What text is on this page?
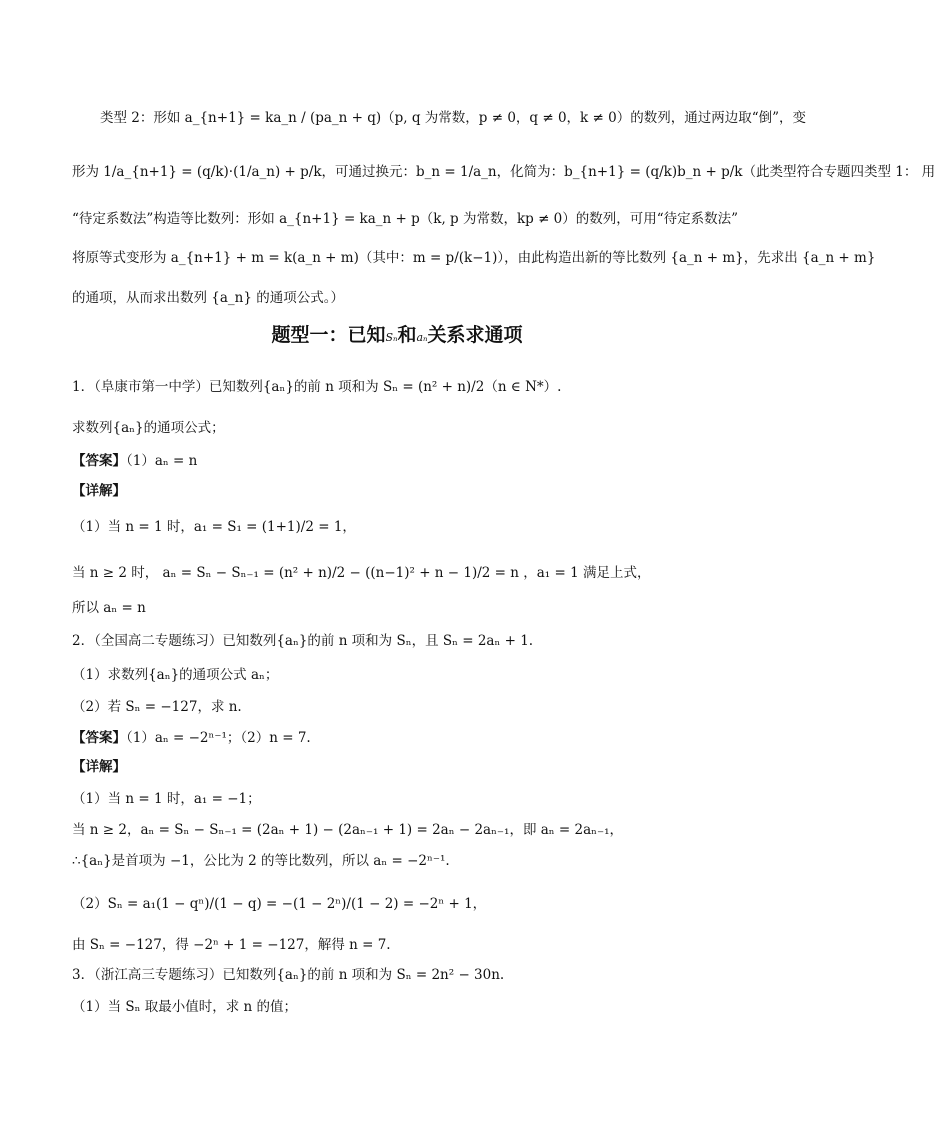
类型 2：形如 a_{n+1} = ka_n / (pa_n + q)（p, q 为常数，p ≠ 0，q ≠ 0，k ≠ 0）的数列，通过两边取“倒”，变
形为 1/a_{n+1} = (q/k)·(1/a_n) + p/k，可通过换元：b_n = 1/a_n，化简为：b_{n+1} = (q/k)b_n + p/k（此类型符合专题四类型 1： 用
“待定系数法”构造等比数列：形如 a_{n+1} = ka_n + p（k, p 为常数，kp ≠ 0）的数列，可用“待定系数法”
将原等式变形为 a_{n+1} + m = k(a_n + m)（其中：m = p/(k−1)），由此构造出新的等比数列 {a_n + m}，先求出 {a_n + m}
的通项，从而求出数列 {a_n} 的通项公式。）
题型一：已知Sₙ和aₙ关系求通项
1．（阜康市第一中学）已知数列{aₙ}的前 n 项和为 Sₙ = (n² + n)/2（n ∈ N*）.
求数列{aₙ}的通项公式；
【答案】（1）aₙ = n
【详解】
（1）当 n = 1 时，a₁ = S₁ = (1+1)/2 = 1，
当 n ≥ 2 时， aₙ = Sₙ − Sₙ₋₁ = (n² + n)/2 − ((n−1)² + n − 1)/2 = n ，a₁ = 1 满足上式，
所以 aₙ = n
2．（全国高二专题练习）已知数列{aₙ}的前 n 项和为 Sₙ，且 Sₙ = 2aₙ + 1.
（1）求数列{aₙ}的通项公式 aₙ；
（2）若 Sₙ = −127，求 n.
【答案】（1）aₙ = −2ⁿ⁻¹；（2）n = 7.
【详解】
（1）当 n = 1 时，a₁ = −1；
当 n ≥ 2，aₙ = Sₙ − Sₙ₋₁ = (2aₙ + 1) − (2aₙ₋₁ + 1) = 2aₙ − 2aₙ₋₁，即 aₙ = 2aₙ₋₁，
∴{aₙ}是首项为 −1，公比为 2 的等比数列，所以 aₙ = −2ⁿ⁻¹.
（2）Sₙ = a₁(1 − qⁿ)/(1 − q) = −(1 − 2ⁿ)/(1 − 2) = −2ⁿ + 1，
由 Sₙ = −127，得 −2ⁿ + 1 = −127，解得 n = 7.
3．（浙江高三专题练习）已知数列{aₙ}的前 n 项和为 Sₙ = 2n² − 30n.
（1）当 Sₙ 取最小值时，求 n 的值；
